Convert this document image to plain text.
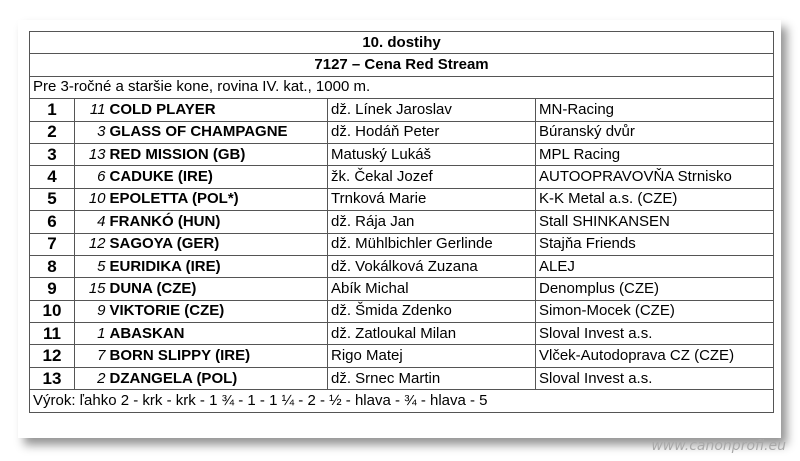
10. dostihy				
7127 – Cena Red Stream				
Pre 3-ročné a staršie kone, rovina IV. kat., 1000 m.				
1	11	COLD PLAYER	dž. Línek Jaroslav	MN-Racing
2	3	GLASS OF CHAMPAGNE	dž. Hodáň Peter	Búranský dvůr
3	13	RED MISSION (GB)	Matuský Lukáš	MPL Racing
4	6	CADUKE (IRE)	žk. Čekal Jozef	AUTOOPRAVOVŇA Strnisko
5	10	EPOLETTA (POL*)	Trnková Marie	K-K Metal a.s. (CZE)
6	4	FRANKÓ (HUN)	dž. Rája Jan	Stall SHINKANSEN
7	12	SAGOYA (GER)	dž. Mühlbichler Gerlinde	Stajňa Friends
8	5	EURIDIKA (IRE)	dž. Vokálková Zuzana	ALEJ
9	15	DUNA (CZE)	Abík Michal	Denomplus (CZE)
10	9	VIKTORIE (CZE)	dž. Šmida Zdenko	Simon-Mocek (CZE)
11	1	ABASKAN	dž. Zatloukal Milan	Sloval Invest a.s.
12	7	BORN SLIPPY (IRE)	Rigo Matej	Vlček-Autodoprava CZ (CZE)
13	2	DZANGELA (POL)	dž. Srnec Martin	Sloval Invest a.s.
Výrok: ľahko 2 - krk - krk - 1 ¾ - 1 - 1 ¼ - 2 - ½ - hlava - ¾ - hlava - 5				
www.canonprofi.eu
